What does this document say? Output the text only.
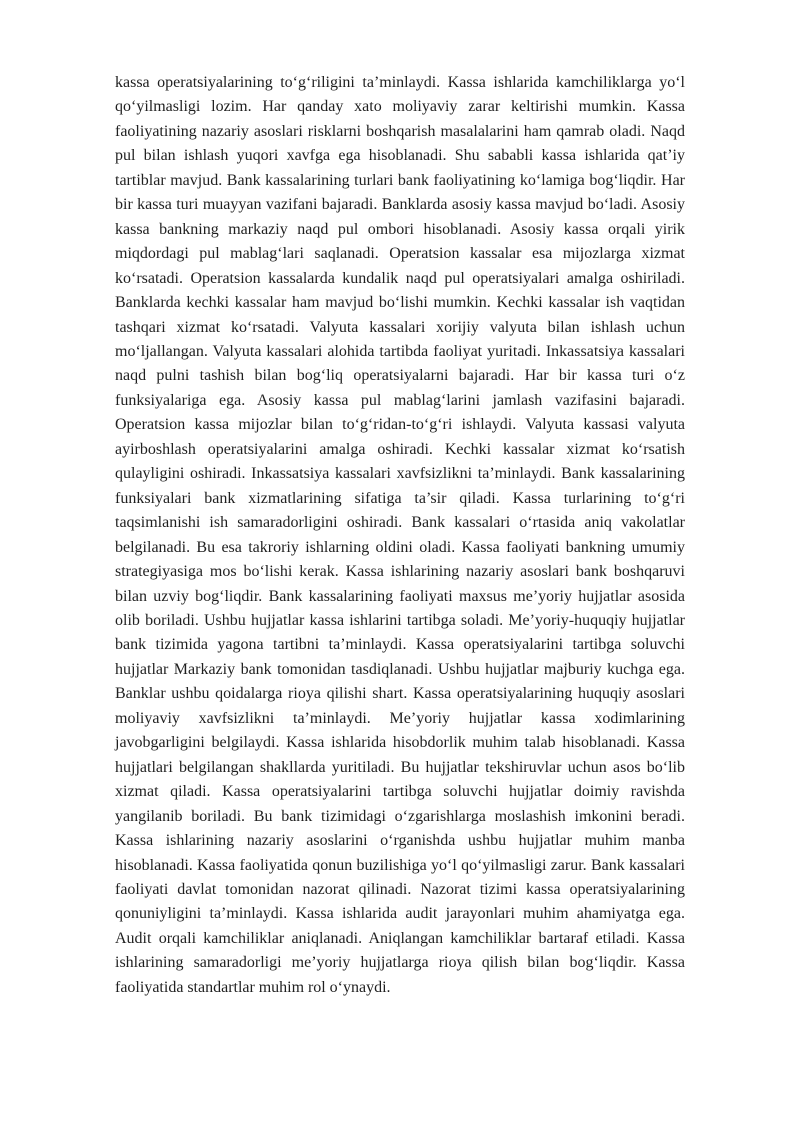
kassa operatsiyalarining to‘g‘riligini ta’minlaydi. Kassa ishlarida kamchiliklarga yo‘l qo‘yilmasligi lozim. Har qanday xato moliyaviy zarar keltirishi mumkin. Kassa faoliyatining nazariy asoslari risklarni boshqarish masalalarini ham qamrab oladi. Naqd pul bilan ishlash yuqori xavfga ega hisoblanadi. Shu sababli kassa ishlarida qat’iy tartiblar mavjud. Bank kassalarining turlari bank faoliyatining ko‘lamiga bog‘liqdir. Har bir kassa turi muayyan vazifani bajaradi. Banklarda asosiy kassa mavjud bo‘ladi. Asosiy kassa bankning markaziy naqd pul ombori hisoblanadi. Asosiy kassa orqali yirik miqdordagi pul mablag‘lari saqlanadi. Operatsion kassalar esa mijozlarga xizmat ko‘rsatadi. Operatsion kassalarda kundalik naqd pul operatsiyalari amalga oshiriladi. Banklarda kechki kassalar ham mavjud bo‘lishi mumkin. Kechki kassalar ish vaqtidan tashqari xizmat ko‘rsatadi. Valyuta kassalari xorijiy valyuta bilan ishlash uchun mo‘ljallangan. Valyuta kassalari alohida tartibda faoliyat yuritadi. Inkassatsiya kassalari naqd pulni tashish bilan bog‘liq operatsiyalarni bajaradi. Har bir kassa turi o‘z funksiyalariga ega. Asosiy kassa pul mablag‘larini jamlash vazifasini bajaradi. Operatsion kassa mijozlar bilan to‘g‘ridan-to‘g‘ri ishlaydi. Valyuta kassasi valyuta ayirboshlash operatsiyalarini amalga oshiradi. Kechki kassalar xizmat ko‘rsatish qulayligini oshiradi. Inkassatsiya kassalari xavfsizlikni ta’minlaydi. Bank kassalarining funksiyalari bank xizmatlarining sifatiga ta’sir qiladi. Kassa turlarining to‘g‘ri taqsimlanishi ish samaradorligini oshiradi. Bank kassalari o‘rtasida aniq vakolatlar belgilanadi. Bu esa takroriy ishlarning oldini oladi. Kassa faoliyati bankning umumiy strategiyasiga mos bo‘lishi kerak. Kassa ishlarining nazariy asoslari bank boshqaruvi bilan uzviy bog‘liqdir. Bank kassalarining faoliyati maxsus me’yoriy hujjatlar asosida olib boriladi. Ushbu hujjatlar kassa ishlarini tartibga soladi. Me’yoriy-huquqiy hujjatlar bank tizimida yagona tartibni ta’minlaydi. Kassa operatsiyalarini tartibga soluvchi hujjatlar Markaziy bank tomonidan tasdiqlanadi. Ushbu hujjatlar majburiy kuchga ega. Banklar ushbu qoidalarga rioya qilishi shart. Kassa operatsiyalarining huquqiy asoslari moliyaviy xavfsizlikni ta’minlaydi. Me’yoriy hujjatlar kassa xodimlarining javobgarligini belgilaydi. Kassa ishlarida hisobdorlik muhim talab hisoblanadi. Kassa hujjatlari belgilangan shakllarda yuritiladi. Bu hujjatlar tekshiruvlar uchun asos bo‘lib xizmat qiladi. Kassa operatsiyalarini tartibga soluvchi hujjatlar doimiy ravishda yangilanib boriladi. Bu bank tizimidagi o‘zgarishlarga moslashish imkonini beradi. Kassa ishlarining nazariy asoslarini o‘rganishda ushbu hujjatlar muhim manba hisoblanadi. Kassa faoliyatida qonun buzilishiga yo‘l qo‘yilmasligi zarur. Bank kassalari faoliyati davlat tomonidan nazorat qilinadi. Nazorat tizimi kassa operatsiyalarining qonuniyligini ta’minlaydi. Kassa ishlarida audit jarayonlari muhim ahamiyatga ega. Audit orqali kamchiliklar aniqlanadi. Aniqlangan kamchiliklar bartaraf etiladi. Kassa ishlarining samaradorligi me’yoriy hujjatlarga rioya qilish bilan bog‘liqdir. Kassa faoliyatida standartlar muhim rol o‘ynaydi.
